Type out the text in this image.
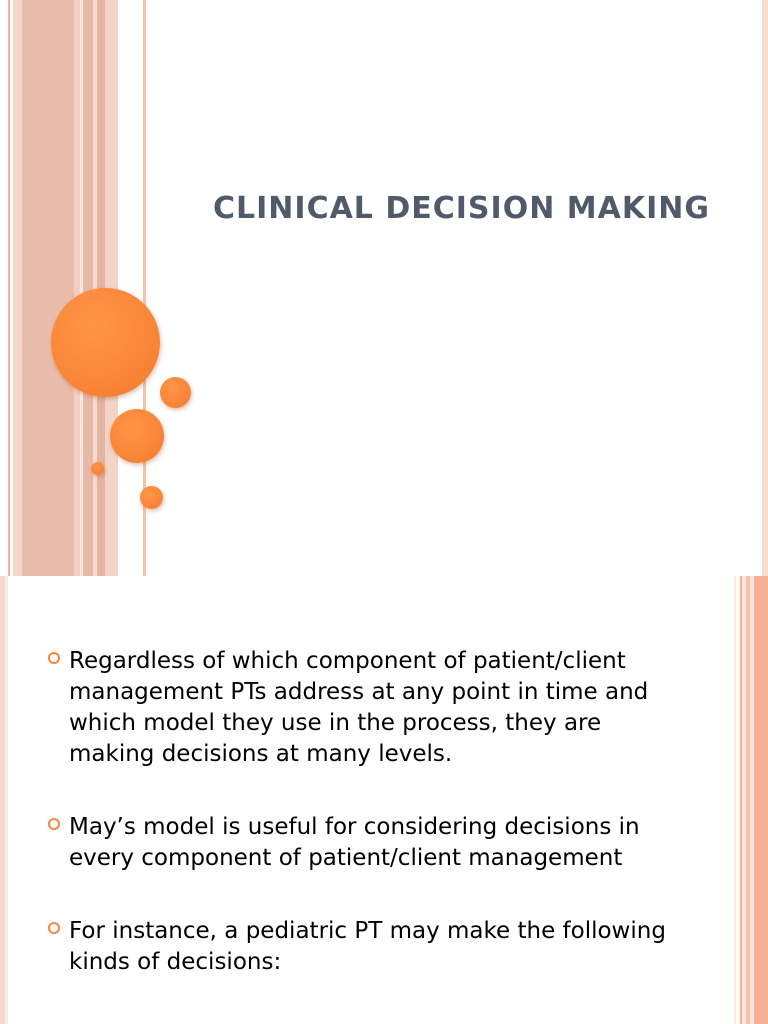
CLINICAL DECISION MAKING
Regardless of which component of patient/client management PTs address at any point in time and which model they use in the process, they are making decisions at many levels.
May’s model is useful for considering decisions in every component of patient/client management
For instance, a pediatric PT may make the following kinds of decisions:
